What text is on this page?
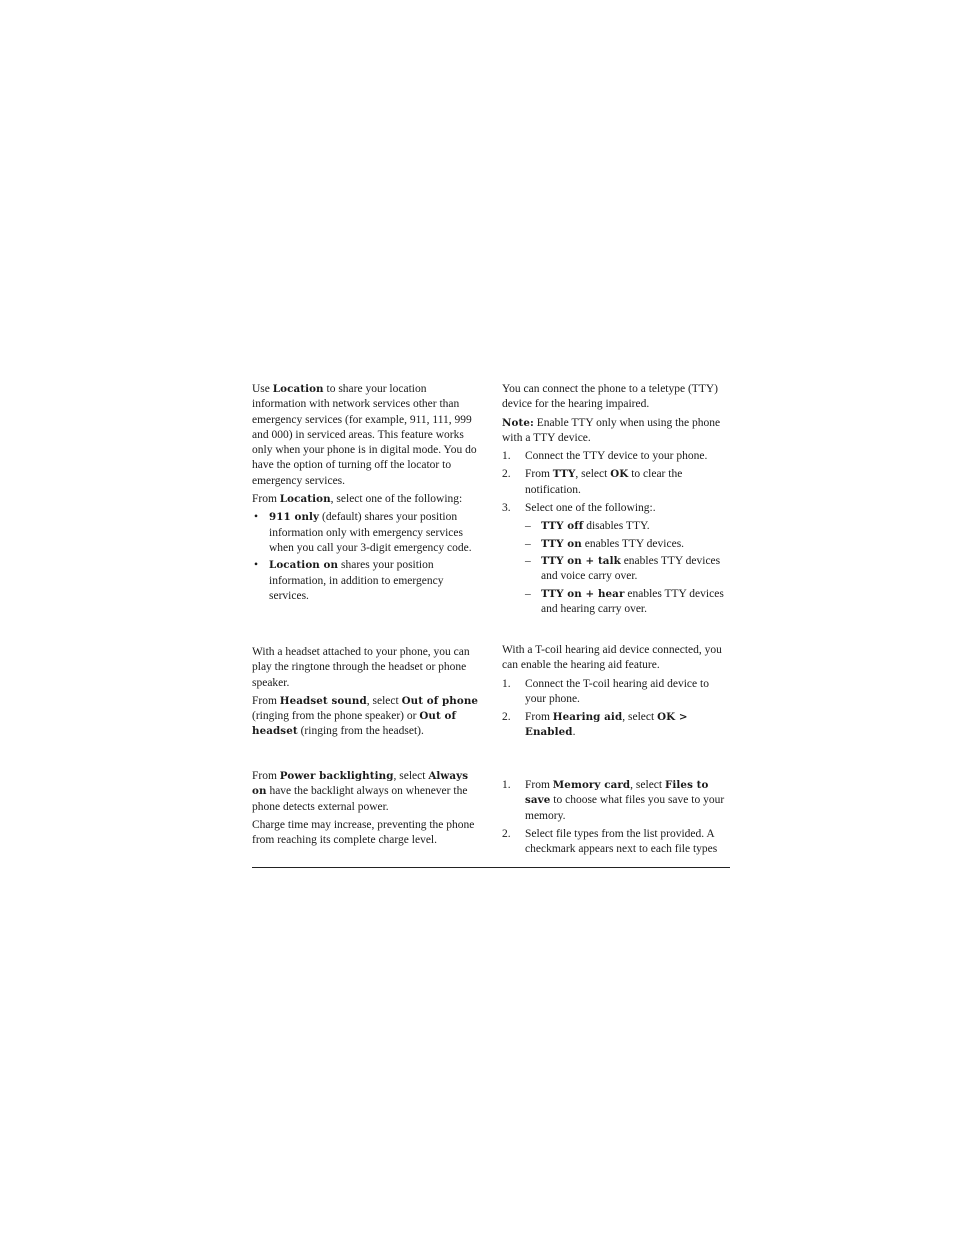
Use Location to share your location information with network services other than emergency services (for example, 911, 111, 999 and 000) in serviced areas. This feature works only when your phone is in digital mode. You do have the option of turning off the locator to emergency services.

From Location, select one of the following:

• 911 only (default) shares your position information only with emergency services when you call your 3-digit emergency code.
• Location on shares your position information, in addition to emergency services.

With a headset attached to your phone, you can play the ringtone through the headset or phone speaker.

From Headset sound, select Out of phone (ringing from the phone speaker) or Out of headset (ringing from the headset).

From Power backlighting, select Always on have the backlight always on whenever the phone detects external power.

Charge time may increase, preventing the phone from reaching its complete charge level.

You can connect the phone to a teletype (TTY) device for the hearing impaired.

Note: Enable TTY only when using the phone with a TTY device.

1. Connect the TTY device to your phone.
2. From TTY, select OK to clear the notification.
3. Select one of the following:.
– TTY off disables TTY.
– TTY on enables TTY devices.
– TTY on + talk enables TTY devices and voice carry over.
– TTY on + hear enables TTY devices and hearing carry over.

With a T-coil hearing aid device connected, you can enable the hearing aid feature.

1. Connect the T-coil hearing aid device to your phone.
2. From Hearing aid, select OK > Enabled.
1. From Memory card, select Files to save to choose what files you save to your memory.
2. Select file types from the list provided. A checkmark appears next to each file types
